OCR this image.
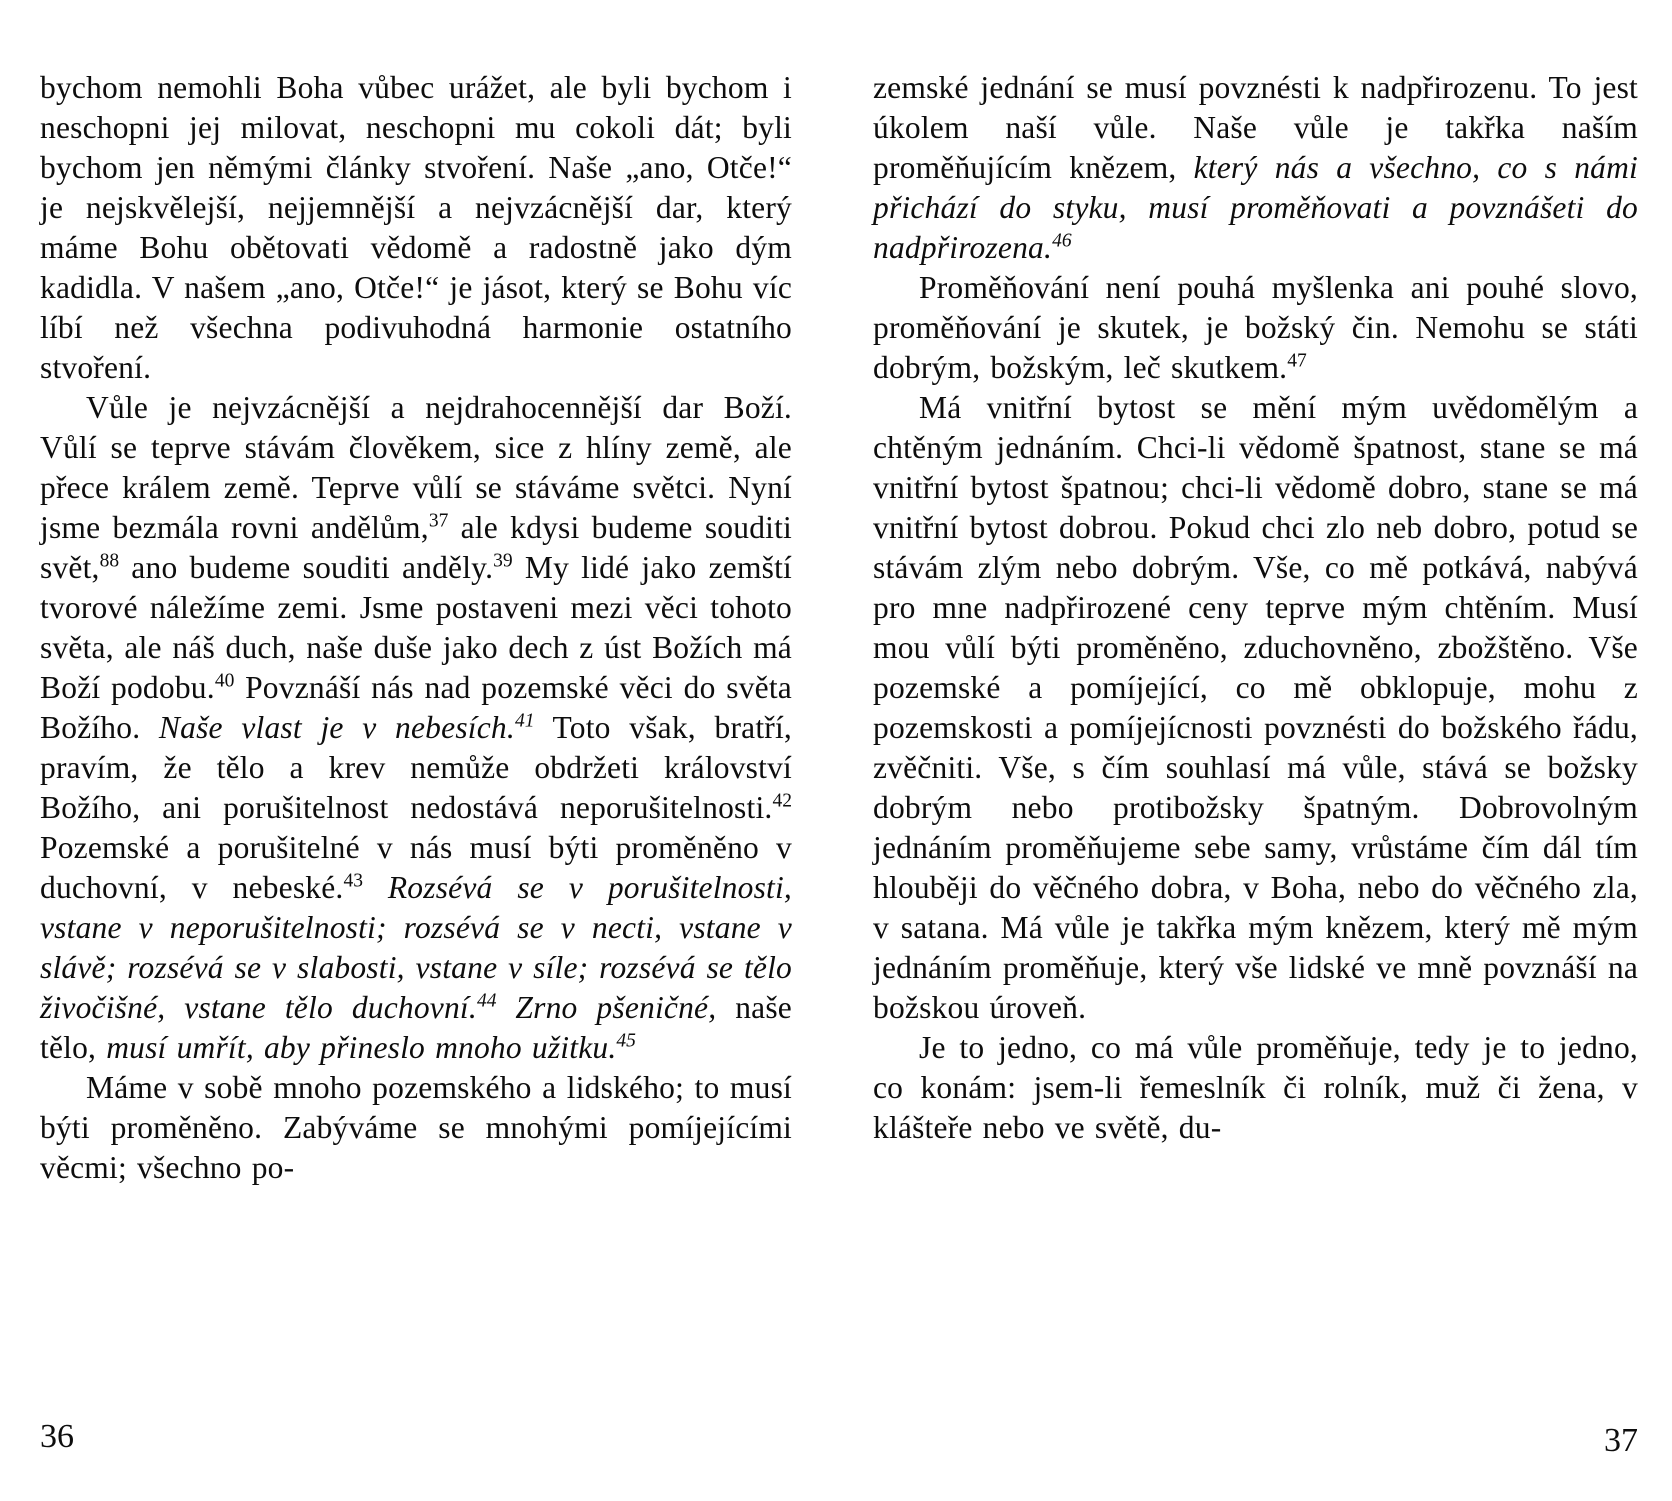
bychom nemohli Boha vůbec urážet, ale byli bychom i neschopni jej milovat, neschopni mu cokoli dát; byli bychom jen němými články stvoření. Naše „ano, Otče!“ je nejskvělejší, nejjemnější a nejvzácnější dar, který máme Bohu obětovati vědomě a radostně jako dým kadidla. V našem „ano, Otče!“ je jásot, který se Bohu víc líbí než všechna podivuhodná harmonie ostatního stvoření.

Vůle je nejvzácnější a nejdrahocennější dar Boží. Vůlí se teprve stávám člověkem, sice z hlíny země, ale přece králem země. Teprve vůlí se stáváme světci. Nyní jsme bezmála rovni andělům,$^{37}$ ale kdysi budeme souditi svět,$^{88}$ ano budeme souditi anděly.$^{39}$ My lidé jako zemští tvorové náležíme zemi. Jsme postaveni mezi věci tohoto světa, ale náš duch, naše duše jako dech z úst Božích má Boží podobu.$^{40}$ Povznáší nás nad pozemské věci do světa Božího. Naše vlast je v nebesích.$^{41}$ Toto však, bratří, pravím, že tělo a krev nemůže obdržeti království Božího, ani porušitelnost nedostává neporušitelnosti.$^{42}$ Pozemské a porušitelné v nás musí býti proměněno v duchovní, v nebeské.$^{43}$ Rozsévá se v porušitelnosti, vstane v neporušitelnosti; rozsévá se v necti, vstane v slávě; rozsévá se v slabosti, vstane v síle; rozsévá se tělo živočišné, vstane tělo duchovní.$^{44}$ Zrno pšeničné, naše tělo, musí umřít, aby přineslo mnoho užitku.$^{45}$

Máme v sobě mnoho pozemského a lidského; to musí býti proměněno. Zabýváme se mnohými pomíjejícími věcmi; všechno po-

zemské jednání se musí povznésti k nadpřirozenu. To jest úkolem naší vůle. Naše vůle je takřka naším proměňujícím knězem, který nás a všechno, co s námi přichází do styku, musí proměňovati a povznášeti do nadpřirozena.$^{46}$

Proměňování není pouhá myšlenka ani pouhé slovo, proměňování je skutek, je božský čin. Nemohu se státi dobrým, božským, leč skutkem.$^{47}$

Má vnitřní bytost se mění mým uvědomělým a chtěným jednáním. Chci-li vědomě špatnost, stane se má vnitřní bytost špatnou; chci-li vědomě dobro, stane se má vnitřní bytost dobrou. Pokud chci zlo neb dobro, potud se stávám zlým nebo dobrým. Vše, co mě potkává, nabývá pro mne nadpřirozené ceny teprve mým chtěním. Musí mou vůlí býti proměněno, zduchovněno, zbožštěno. Vše pozemské a pomíjející, co mě obklopuje, mohu z pozemskosti a pomíjejícnosti povznésti do božského řádu, zvěčniti. Vše, s čím souhlasí má vůle, stává se božsky dobrým nebo protibožsky špatným. Dobrovolným jednáním proměňujeme sebe samy, vrůstáme čím dál tím hlouběji do věčného dobra, v Boha, nebo do věčného zla, v satana. Má vůle je takřka mým knězem, který mě mým jednáním proměňuje, který vše lidské ve mně povznáší na božskou úroveň.

Je to jedno, co má vůle proměňuje, tedy je to jedno, co konám: jsem-li řemeslník či rolník, muž či žena, v klášteře nebo ve světě, du-

36	37
